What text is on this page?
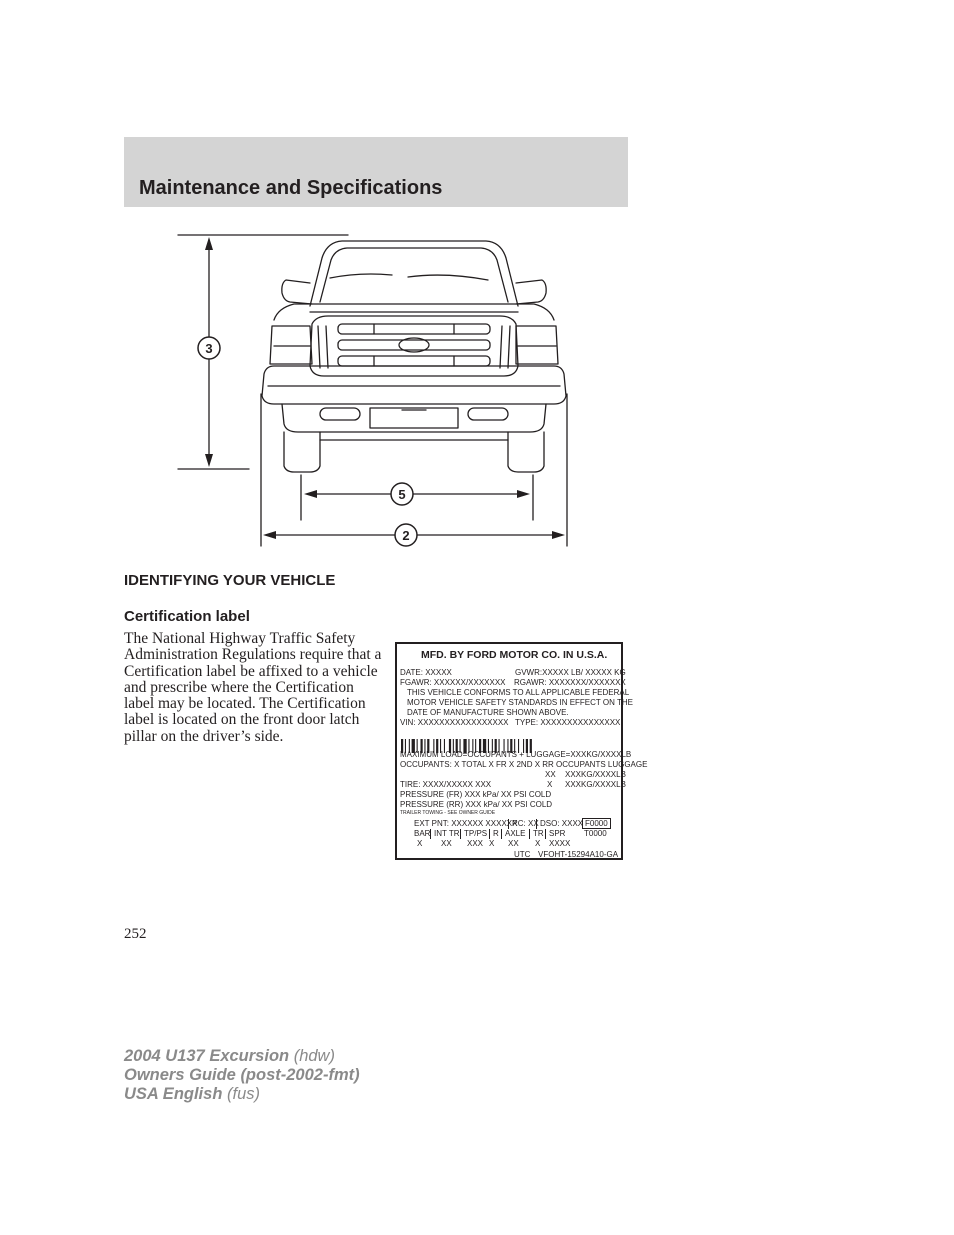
Maintenance and Specifications
3
5
2
IDENTIFYING YOUR VEHICLE
Certification label
The National Highway Traffic Safety Administration Regulations require that a Certification label be affixed to a vehicle and prescribe where the Certification label may be located. The Certification label is located on the front door latch pillar on the driver’s side.
MFD. BY FORD MOTOR CO. IN U.S.A.
DATE: XXXXX	GVWR:XXXXX LB/ XXXXX KG
FGAWR: XXXXXX/XXXXXXX RGAWR: XXXXXXX/XXXXXXX
THIS VEHICLE CONFORMS TO ALL APPLICABLE FEDERAL
MOTOR VEHICLE SAFETY STANDARDS IN EFFECT ON THE
DATE OF MANUFACTURE SHOWN ABOVE.
VIN: XXXXXXXXXXXXXXXXX TYPE: XXXXXXXXXXXXXXX
MAXIMUM LOAD=OCCUPANTS + LUGGAGE=XXXKG/XXXXLB
OCCUPANTS: X TOTAL X FR X 2ND X RR OCCUPANTS LUGGAGE
XX XXXKG/XXXXLB
TIRE: XXXX/XXXXX XXX	X XXXKG/XXXXLB
PRESSURE (FR) XXX kPa/ XX PSI COLD
PRESSURE (RR) XXX kPa/ XX PSI COLD
TRAILER TOWING - SEE OWNER GUIDE
EXT PNT: XXXXXX XXXXXX
RC: XX DSO: XXXX F0000
T0000
BAR INT TR TP/PS R AXLE TR SPR
X XX XXX X XX X XXXX
UTC VFOHT-15294A10-GA
252
2004 U137 Excursion (hdw)
Owners Guide (post-2002-fmt)
USA English (fus)
